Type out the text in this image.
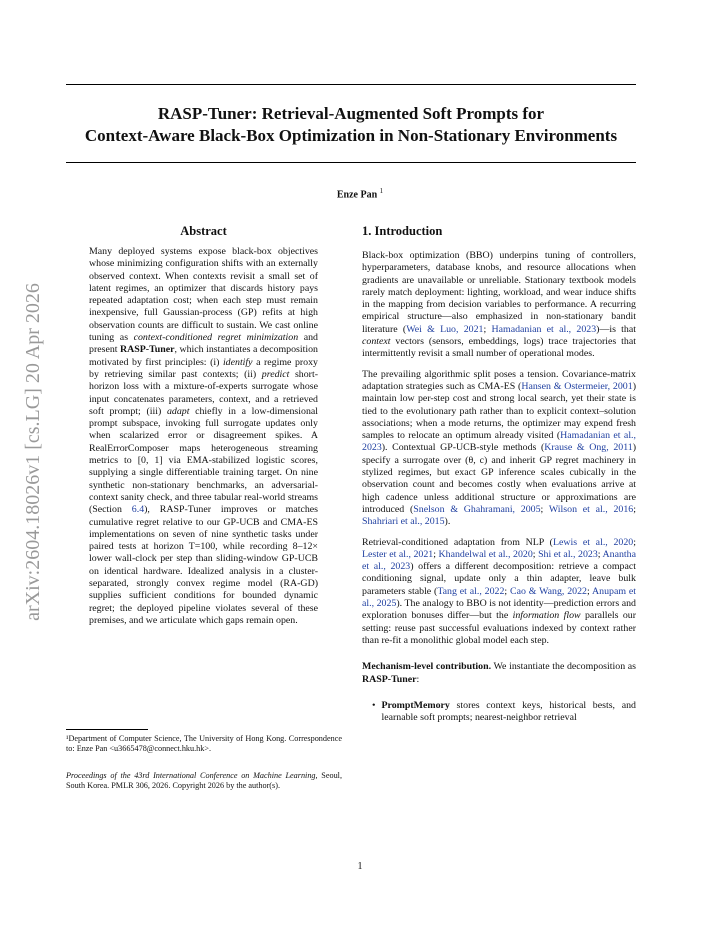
arXiv:2604.18026v1 [cs.LG] 20 Apr 2026
RASP-Tuner: Retrieval-Augmented Soft Prompts for
Context-Aware Black-Box Optimization in Non-Stationary Environments
Enze Pan $^1$
Abstract

Many deployed systems expose black-box objectives whose minimizing configuration shifts with an externally observed context. When contexts revisit a small set of latent regimes, an optimizer that discards history pays repeated adaptation cost; when each step must remain inexpensive, full Gaussian-process (GP) refits at high observation counts are difficult to sustain. We cast online tuning as context-conditioned regret minimization and present RASP-Tuner, which instantiates a decomposition motivated by first principles: (i) identify a regime proxy by retrieving similar past contexts; (ii) predict short-horizon loss with a mixture-of-experts surrogate whose input concatenates parameters, context, and a retrieved soft prompt; (iii) adapt chiefly in a low-dimensional prompt subspace, invoking full surrogate updates only when scalarized error or disagreement spikes. A RealErrorComposer maps heterogeneous streaming metrics to [0, 1] via EMA-stabilized logistic scores, supplying a single differentiable training target. On nine synthetic non-stationary benchmarks, an adversarial-context sanity check, and three tabular real-world streams (Section 6.4), RASP-Tuner improves or matches cumulative regret relative to our GP-UCB and CMA-ES implementations on seven of nine synthetic tasks under paired tests at horizon T=100, while recording 8–12× lower wall-clock per step than sliding-window GP-UCB on identical hardware. Idealized analysis in a cluster-separated, strongly convex regime model (RA-GD) supplies sufficient conditions for bounded dynamic regret; the deployed pipeline violates several of these premises, and we articulate which gaps remain open.

¹Department of Computer Science, The University of Hong Kong. Correspondence to: Enze Pan <u3665478@connect.hku.hk>.
Proceedings of the 43rd International Conference on Machine Learning, Seoul, South Korea. PMLR 306, 2026. Copyright 2026 by the author(s).
1. Introduction

Black-box optimization (BBO) underpins tuning of controllers, hyperparameters, database knobs, and resource allocations when gradients are unavailable or unreliable. Stationary textbook models rarely match deployment: lighting, workload, and wear induce shifts in the mapping from decision variables to performance. A recurring empirical structure—also emphasized in non-stationary bandit literature (Wei & Luo, 2021; Hamadanian et al., 2023)—is that context vectors (sensors, embeddings, logs) trace trajectories that intermittently revisit a small number of operational modes.

The prevailing algorithmic split poses a tension. Covariance-matrix adaptation strategies such as CMA-ES (Hansen & Ostermeier, 2001) maintain low per-step cost and strong local search, yet their state is tied to the evolutionary path rather than to explicit context–solution associations; when a mode returns, the optimizer may expend fresh samples to relocate an optimum already visited (Hamadanian et al., 2023). Contextual GP-UCB-style methods (Krause & Ong, 2011) specify a surrogate over (θ, c) and inherit GP regret machinery in stylized regimes, but exact GP inference scales cubically in the observation count and becomes costly when evaluations arrive at high cadence unless additional structure or approximations are introduced (Snelson & Ghahramani, 2005; Wilson et al., 2016; Shahriari et al., 2015).

Retrieval-conditioned adaptation from NLP (Lewis et al., 2020; Lester et al., 2021; Khandelwal et al., 2020; Shi et al., 2023; Anantha et al., 2023) offers a different decomposition: retrieve a compact conditioning signal, update only a thin adapter, leave bulk parameters stable (Tang et al., 2022; Cao & Wang, 2022; Anupam et al., 2025). The analogy to BBO is not identity—prediction errors and exploration bonuses differ—but the information flow parallels our setting: reuse past successful evaluations indexed by context rather than re-fit a monolithic global model each step.

Mechanism-level contribution. We instantiate the decomposition as RASP-Tuner:

• PromptMemory stores context keys, historical bests, and learnable soft prompts; nearest-neighbor retrieval
1
